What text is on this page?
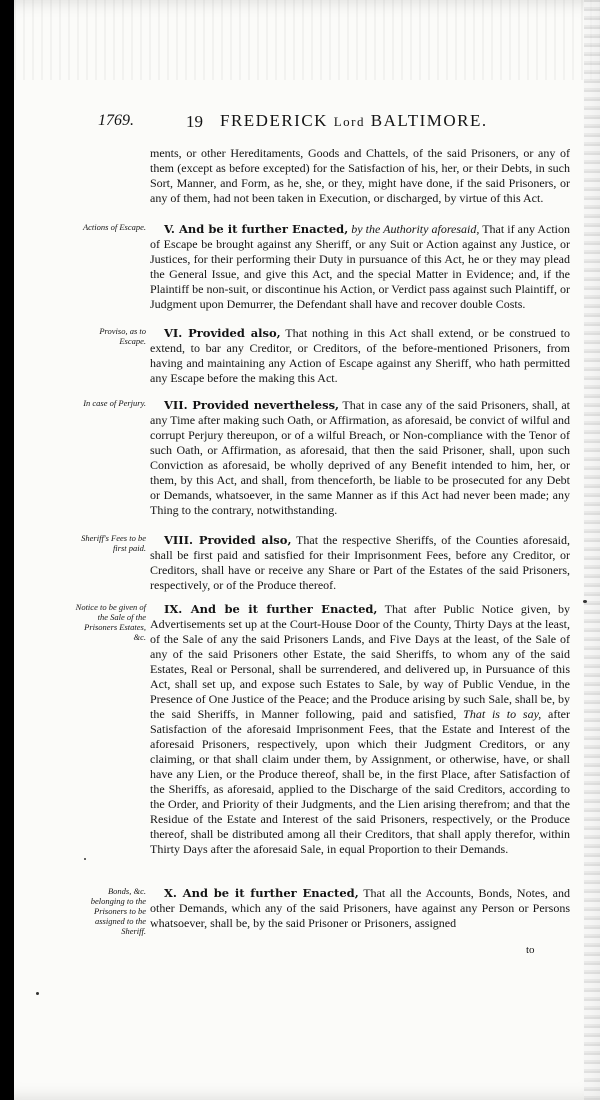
1769.	19 FREDERICK Lord BALTIMORE.

ments, or other Hereditaments, Goods and Chattels, of the said Prisoners, or any of them (except as before excepted) for the Satisfaction of his, her, or their Debts, in such Sort, Manner, and Form, as he, she, or they, might have done, if the said Prisoners, or any of them, had not been taken in Execution, or discharged, by virtue of this Act.

Actions of Escape.	V. And be it further Enacted, by the Authority aforesaid, That if any Action of Escape be brought against any Sheriff, or any Suit or Action against any Justice, or Justices, for their performing their Duty in pursuance of this Act, he or they may plead the General Issue, and give this Act, and the special Matter in Evidence; and, if the Plaintiff be non-suit, or discontinue his Action, or Verdict pass against such Plaintiff, or Judgment upon Demurrer, the Defendant shall have and recover double Costs.

Proviso, as to Escape.

VI. Provided also, That nothing in this Act shall extend, or be construed to extend, to bar any Creditor, or Creditors, of the before-mentioned Prisoners, from having and maintaining any Action of Escape against any Sheriff, who hath permitted any Escape before the making this Act.

In case of Perjury.	VII. Provided nevertheless, That in case any of the said Prisoners, shall, at any Time after making such Oath, or Affirmation, as aforesaid, be convict of wilful and corrupt Perjury thereupon, or of a wilful Breach, or Non-compliance with the Tenor of such Oath, or Affirmation, as aforesaid, that then the said Prisoner, shall, upon such Conviction as aforesaid, be wholly deprived of any Benefit intended to him, her, or them, by this Act, and shall, from thenceforth, be liable to be prosecuted for any Debt or Demands, whatsoever, in the same Manner as if this Act had never been made; any Thing to the contrary, notwithstanding.

Sheriff's Fees to be first paid.

VIII. Provided also, That the respective Sheriffs, of the Counties aforesaid, shall be first paid and satisfied for their Imprisonment Fees, before any Creditor, or Creditors, shall have or receive any Share or Part of the Estates of the said Prisoners, respectively, or of the Produce thereof.

Notice to be given of the Sale of the Prisoners Estates, &c.

IX. And be it further Enacted, That after Public Notice given, by Advertisements set up at the Court-House Door of the County, Thirty Days at the least, of the Sale of any the said Prisoners Lands, and Five Days at the least, of the Sale of any of the said Prisoners other Estate, the said Sheriffs, to whom any of the said Estates, Real or Personal, shall be surrendered, and delivered up, in Pursuance of this Act, shall set up, and expose such Estates to Sale, by way of Public Vendue, in the Presence of One Justice of the Peace; and the Produce arising by such Sale, shall be, by the said Sheriffs, in Manner following, paid and satisfied, That is to say, after Satisfaction of the aforesaid Imprisonment Fees, that the Estate and Interest of the aforesaid Prisoners, respectively, upon which their Judgment Creditors, or any claiming, or that shall claim under them, by Assignment, or otherwise, have, or shall have any Lien, or the Produce thereof, shall be, in the first Place, after Satisfaction of the Sheriffs, as aforesaid, applied to the Discharge of the said Creditors, according to the Order, and Priority of their Judgments, and the Lien arising therefrom; and that the Residue of the Estate and Interest of the said Prisoners, respectively, or the Produce thereof, shall be distributed among all their Creditors, that shall apply therefor, within Thirty Days after the aforesaid Sale, in equal Proportion to their Demands.

Bonds, &c. belonging to the Prisoners to be assigned to the Sheriff.

X. And be it further Enacted, That all the Accounts, Bonds, Notes, and other Demands, which any of the said Prisoners, have against any Person or Persons whatsoever, shall be, by the said Prisoner or Prisoners, assigned

to
